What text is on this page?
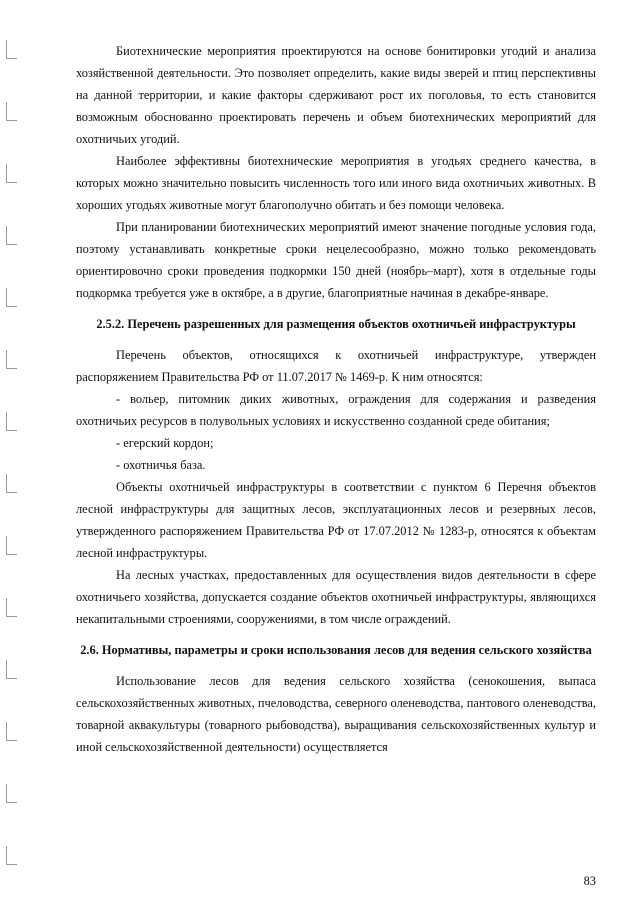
Биотехнические мероприятия проектируются на основе бонитировки угодий и анализа хозяйственной деятельности. Это позволяет определить, какие виды зверей и птиц перспективны на данной территории, и какие факторы сдерживают рост их поголовья, то есть становится возможным обоснованно проектировать перечень и объем биотехнических мероприятий для охотничьих угодий.

Наиболее эффективны биотехнические мероприятия в угодьях среднего качества, в которых можно значительно повысить численность того или иного вида охотничьих животных. В хороших угодьях животные могут благополучно обитать и без помощи человека.

При планировании биотехнических мероприятий имеют значение погодные условия года, поэтому устанавливать конкретные сроки нецелесообразно, можно только рекомендовать ориентировочно сроки проведения подкормки 150 дней (ноябрь–март), хотя в отдельные годы подкормка требуется уже в октябре, а в другие, благоприятные начиная в декабре-январе.

2.5.2. Перечень разрешенных для размещения объектов охотничьей инфраструктуры

Перечень объектов, относящихся к охотничьей инфраструктуре, утвержден распоряжением Правительства РФ от 11.07.2017 № 1469-р. К ним относятся:

- вольер, питомник диких животных, ограждения для содержания и разведения охотничьих ресурсов в полувольных условиях и искусственно созданной среде обитания;

- егерский кордон;

- охотничья база.

Объекты охотничьей инфраструктуры в соответствии с пунктом 6 Перечня объектов лесной инфраструктуры для защитных лесов, эксплуатационных лесов и резервных лесов, утвержденного распоряжением Правительства РФ от 17.07.2012 № 1283-р, относятся к объектам лесной инфраструктуры.

На лесных участках, предоставленных для осуществления видов деятельности в сфере охотничьего хозяйства, допускается создание объектов охотничьей инфраструктуры, являющихся некапитальными строениями, сооружениями, в том числе ограждений.

2.6. Нормативы, параметры и сроки использования лесов для ведения сельского хозяйства

Использование лесов для ведения сельского хозяйства (сенокошения, выпаса сельскохозяйственных животных, пчеловодства, северного оленеводства, пантового оленеводства, товарной аквакультуры (товарного рыбоводства), выращивания сельскохозяйственных культур и иной сельскохозяйственной деятельности) осуществляется

83
